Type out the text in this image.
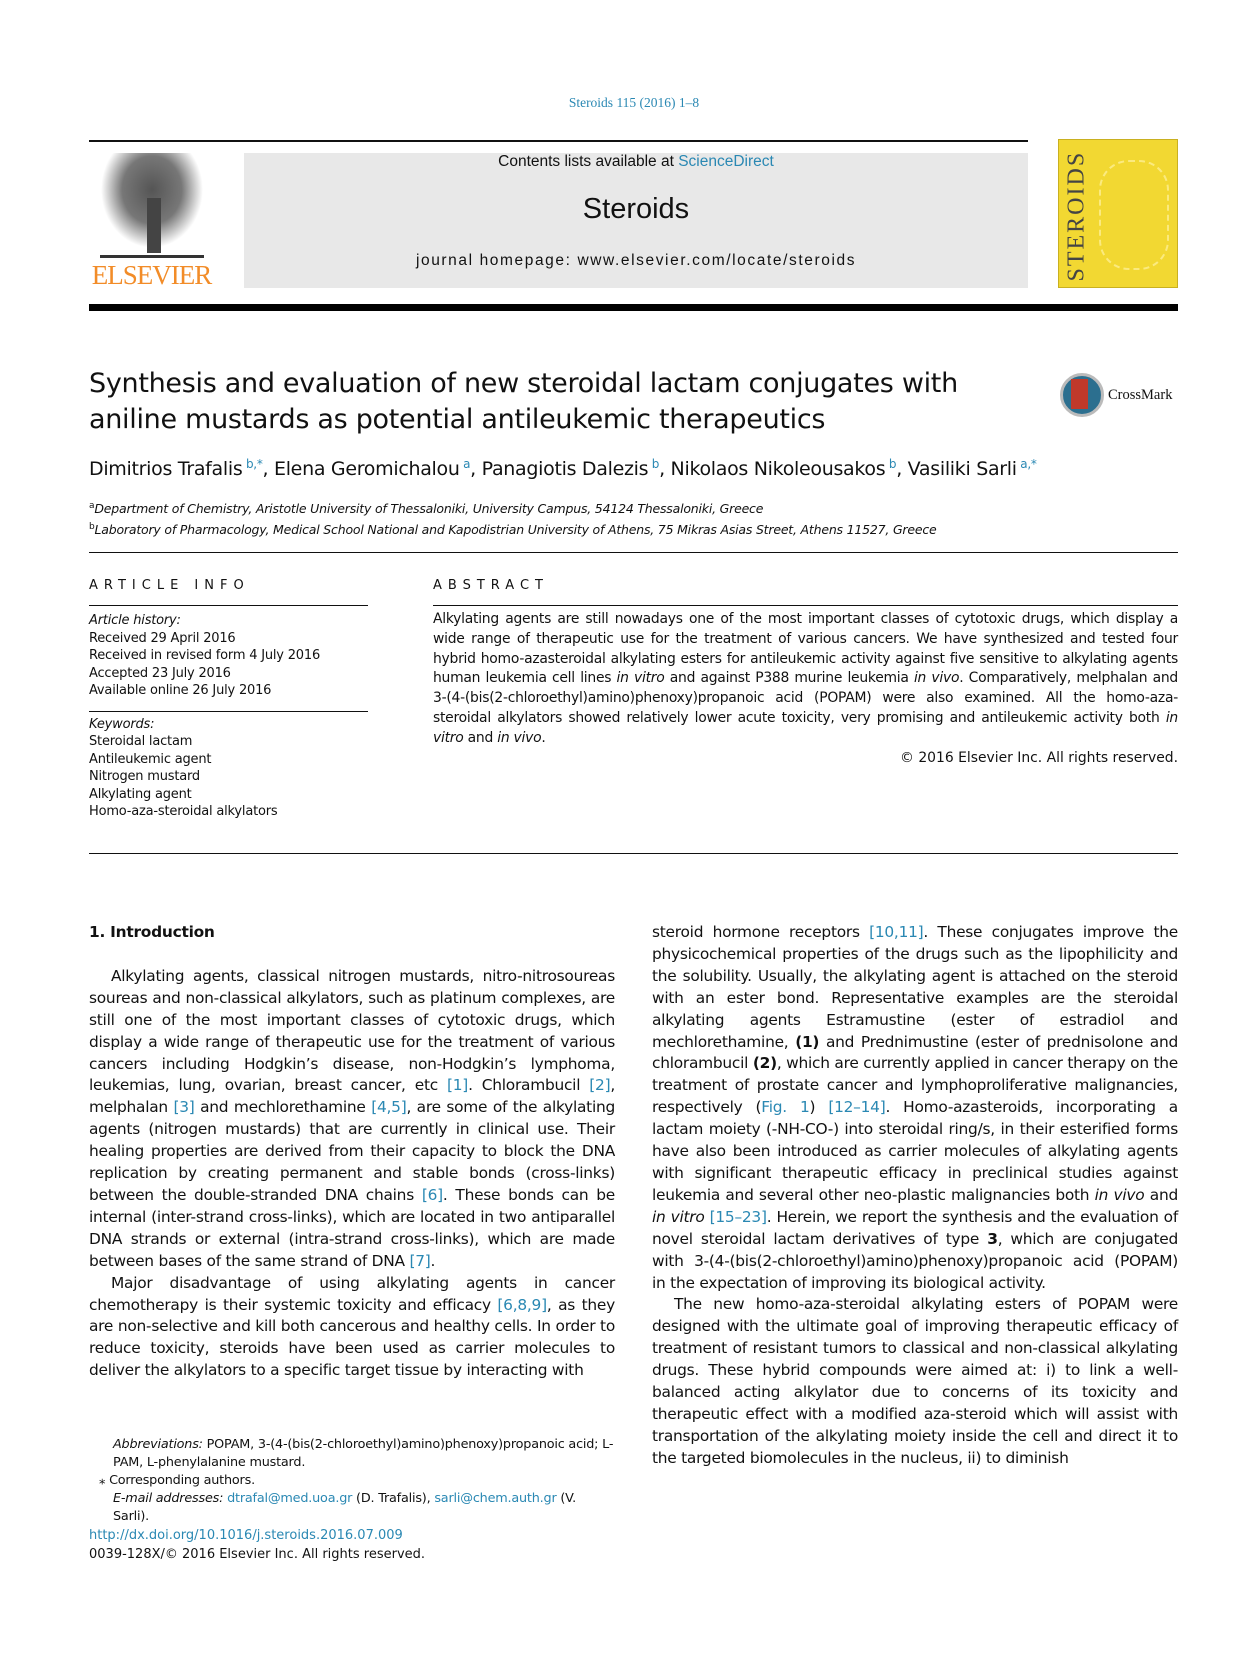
Steroids 115 (2016) 1–8
ELSEVIER
Contents lists available at ScienceDirect
Steroids
journal homepage: www.elsevier.com/locate/steroids	STEROIDS
Synthesis and evaluation of new steroidal lactam conjugates with aniline mustards as potential antileukemic therapeutics
CrossMark
Dimitrios Trafalis $^{b,*}$, Elena Geromichalou $^a$, Panagiotis Dalezis $^b$, Nikolaos Nikoleousakos $^b$, Vasiliki Sarli $^{a,*}$
$^a$Department of Chemistry, Aristotle University of Thessaloniki, University Campus, 54124 Thessaloniki, Greece
$^b$Laboratory of Pharmacology, Medical School National and Kapodistrian University of Athens, 75 Mikras Asias Street, Athens 11527, Greece
ARTICLE INFO
Article history:
Received 29 April 2016
Received in revised form 4 July 2016
Accepted 23 July 2016
Available online 26 July 2016
Keywords:
Steroidal lactam
Antileukemic agent
Nitrogen mustard
Alkylating agent
Homo-aza-steroidal alkylators
ABSTRACT
Alkylating agents are still nowadays one of the most important classes of cytotoxic drugs, which display a wide range of therapeutic use for the treatment of various cancers. We have synthesized and tested four hybrid homo-azasteroidal alkylating esters for antileukemic activity against five sensitive to alkylating agents human leukemia cell lines in vitro and against P388 murine leukemia in vivo. Comparatively, melphalan and 3-(4-(bis(2-chloroethyl)amino)phenoxy)propanoic acid (POPAM) were also examined. All the homo-aza-steroidal alkylators showed relatively lower acute toxicity, very promising and antileukemic activity both in vitro and in vivo.
© 2016 Elsevier Inc. All rights reserved.
1. Introduction

Alkylating agents, classical nitrogen mustards, nitro-nitrosoureas soureas and non-classical alkylators, such as platinum complexes, are still one of the most important classes of cytotoxic drugs, which display a wide range of therapeutic use for the treatment of various cancers including Hodgkin’s disease, non-Hodgkin’s lymphoma, leukemias, lung, ovarian, breast cancer, etc [1]. Chlorambucil [2], melphalan [3] and mechlorethamine [4,5], are some of the alkylating agents (nitrogen mustards) that are currently in clinical use. Their healing properties are derived from their capacity to block the DNA replication by creating permanent and stable bonds (cross-links) between the double-stranded DNA chains [6]. These bonds can be internal (inter-strand cross-links), which are located in two antiparallel DNA strands or external (intra-strand cross-links), which are made between bases of the same strand of DNA [7].

Major disadvantage of using alkylating agents in cancer chemotherapy is their systemic toxicity and efficacy [6,8,9], as they are non-selective and kill both cancerous and healthy cells. In order to reduce toxicity, steroids have been used as carrier molecules to deliver the alkylators to a specific target tissue by interacting with

steroid hormone receptors [10,11]. These conjugates improve the physicochemical properties of the drugs such as the lipophilicity and the solubility. Usually, the alkylating agent is attached on the steroid with an ester bond. Representative examples are the steroidal alkylating agents Estramustine (ester of estradiol and mechlorethamine, (1) and Prednimustine (ester of prednisolone and chlorambucil (2), which are currently applied in cancer therapy on the treatment of prostate cancer and lymphoproliferative malignancies, respectively (Fig. 1) [12–14]. Homo-azasteroids, incorporating a lactam moiety (-NH-CO-) into steroidal ring/s, in their esterified forms have also been introduced as carrier molecules of alkylating agents with significant therapeutic efficacy in preclinical studies against leukemia and several other neo-plastic malignancies both in vivo and in vitro [15–23]. Herein, we report the synthesis and the evaluation of novel steroidal lactam derivatives of type 3, which are conjugated with 3-(4-(bis(2-chloroethyl)amino)phenoxy)propanoic acid (POPAM) in the expectation of improving its biological activity.

The new homo-aza-steroidal alkylating esters of POPAM were designed with the ultimate goal of improving therapeutic efficacy of treatment of resistant tumors to classical and non-classical alkylating drugs. These hybrid compounds were aimed at: i) to link a well-balanced acting alkylator due to concerns of its toxicity and therapeutic effect with a modified aza-steroid which will assist with transportation of the alkylating moiety inside the cell and direct it to the targeted biomolecules in the nucleus, ii) to diminish

Abbreviations: POPAM, 3-(4-(bis(2-chloroethyl)amino)phenoxy)propanoic acid; L-PAM, L-phenylalanine mustard.
⁎ Corresponding authors.
E-mail addresses: dtrafal@med.uoa.gr (D. Trafalis), sarli@chem.auth.gr (V. Sarli).
http://dx.doi.org/10.1016/j.steroids.2016.07.009
0039-128X/© 2016 Elsevier Inc. All rights reserved.
